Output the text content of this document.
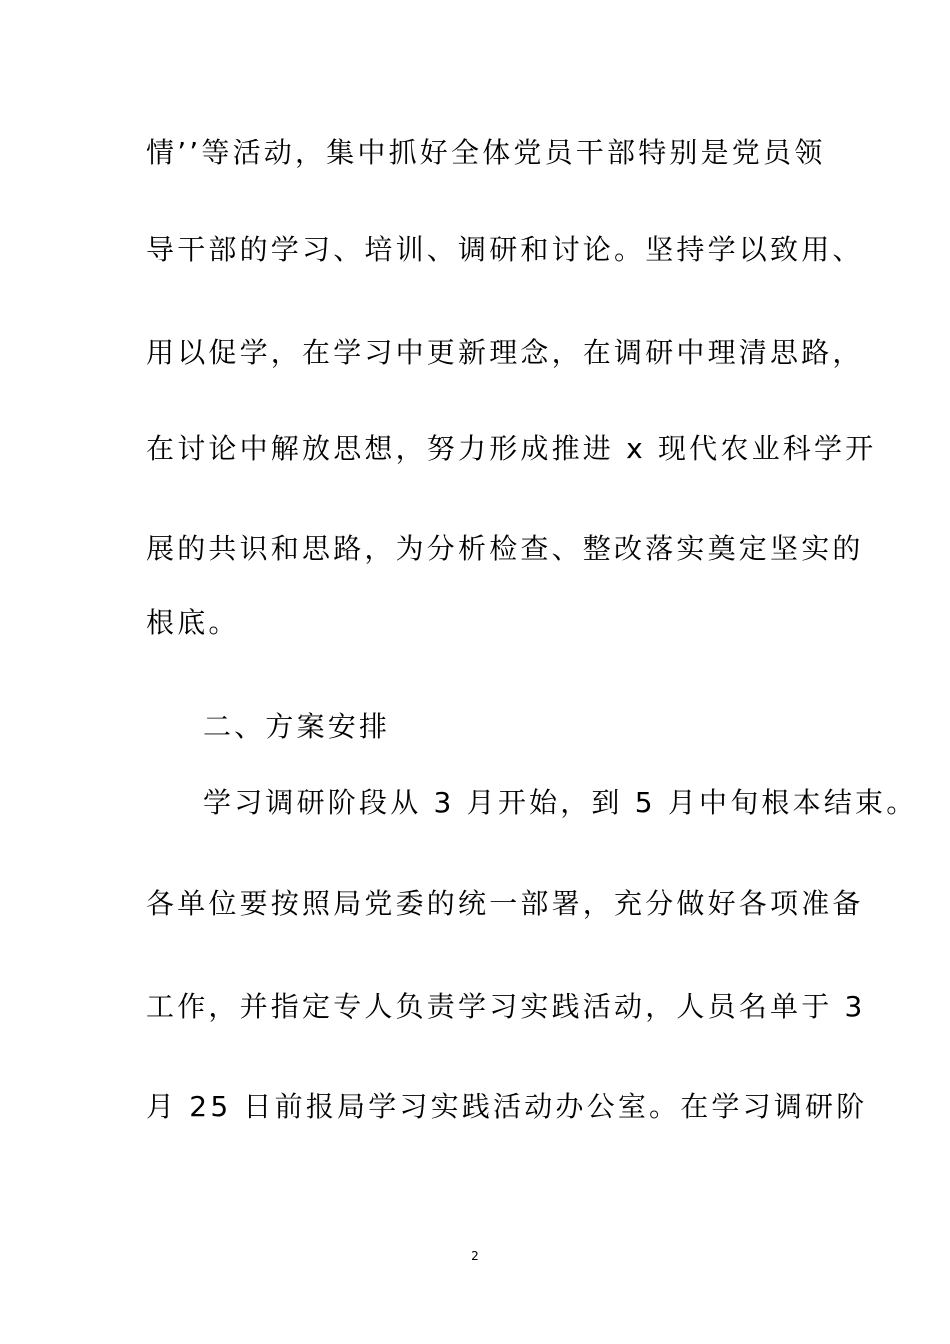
情’’等活动，集中抓好全体党员干部特别是党员领
导干部的学习、培训、调研和讨论。坚持学以致用、
用以促学，在学习中更新理念，在调研中理清思路，
在讨论中解放思想，努力形成推进 x 现代农业科学开
展的共识和思路，为分析检查、整改落实奠定坚实的
根底。
二、方案安排
学习调研阶段从 3 月开始，到 5 月中旬根本结束。
各单位要按照局党委的统一部署，充分做好各项准备
工作，并指定专人负责学习实践活动，人员名单于 3
月 25 日前报局学习实践活动办公室。在学习调研阶
2
